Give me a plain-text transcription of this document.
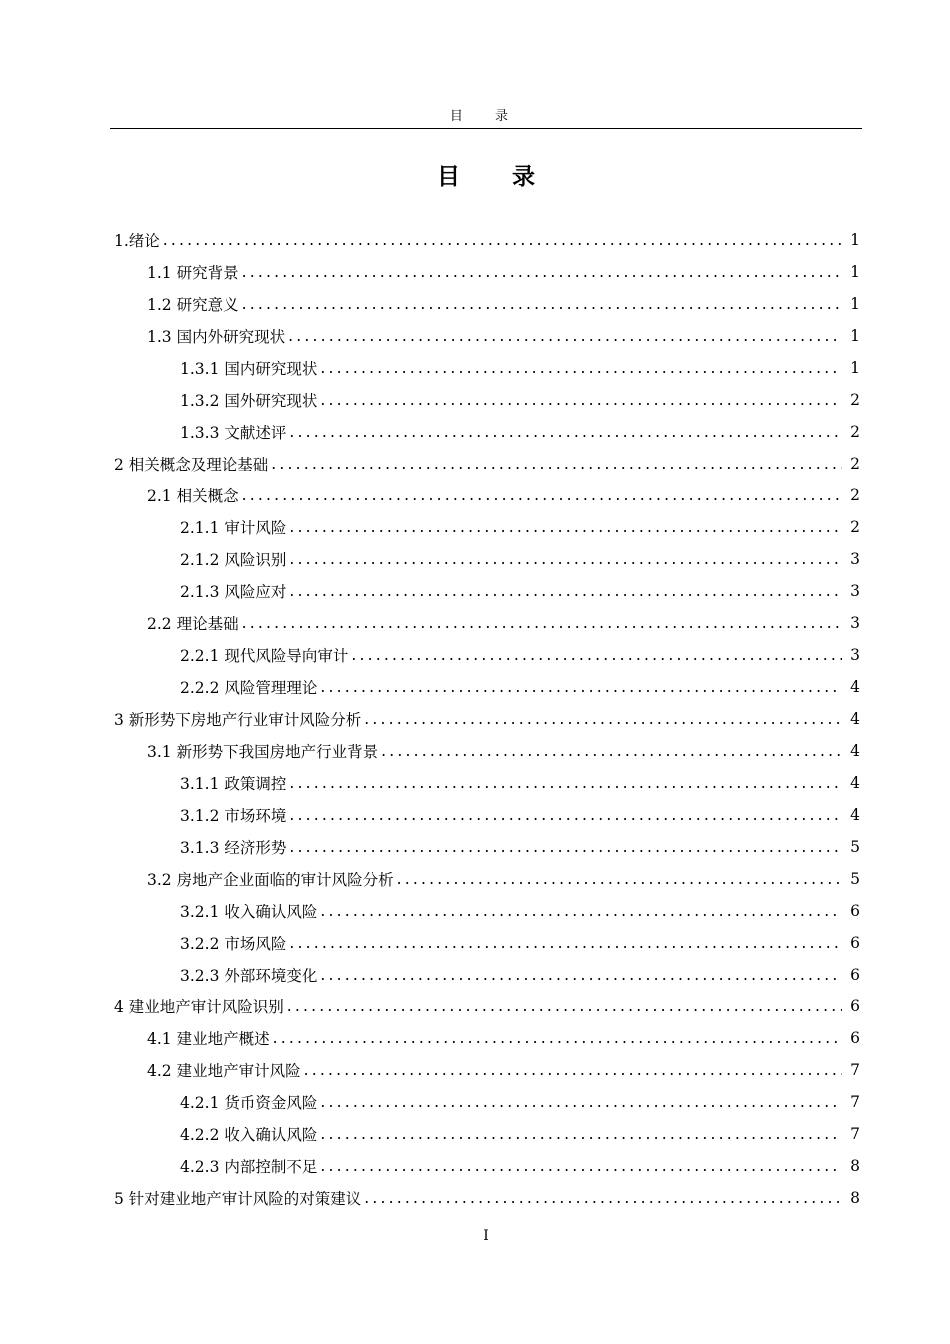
目 录
目 录
1.绪论 .....	1
1.1 研究背景 .....	1
1.2 研究意义 .....	1
1.3 国内外研究现状 .....	1
1.3.1 国内研究现状 .....	1
1.3.2 国外研究现状 .....	2
1.3.3 文献述评 .....	2
2 相关概念及理论基础 .....	2
2.1 相关概念 .....	2
2.1.1 审计风险 .....	2
2.1.2 风险识别 .....	3
2.1.3 风险应对 .....	3
2.2 理论基础 .....	3
2.2.1 现代风险导向审计 .....	3
2.2.2 风险管理理论 .....	4
3 新形势下房地产行业审计风险分析 .....	4
3.1 新形势下我国房地产行业背景 .....	4
3.1.1 政策调控 .....	4
3.1.2 市场环境 .....	4
3.1.3 经济形势 .....	5
3.2 房地产企业面临的审计风险分析 .....	5
3.2.1 收入确认风险 .....	6
3.2.2 市场风险 .....	6
3.2.3 外部环境变化 .....	6
4 建业地产审计风险识别 .....	6
4.1 建业地产概述 .....	6
4.2 建业地产审计风险 .....	7
4.2.1 货币资金风险 .....	7
4.2.2 收入确认风险 .....	7
4.2.3 内部控制不足 .....	8
5 针对建业地产审计风险的对策建议 .....	8
I
